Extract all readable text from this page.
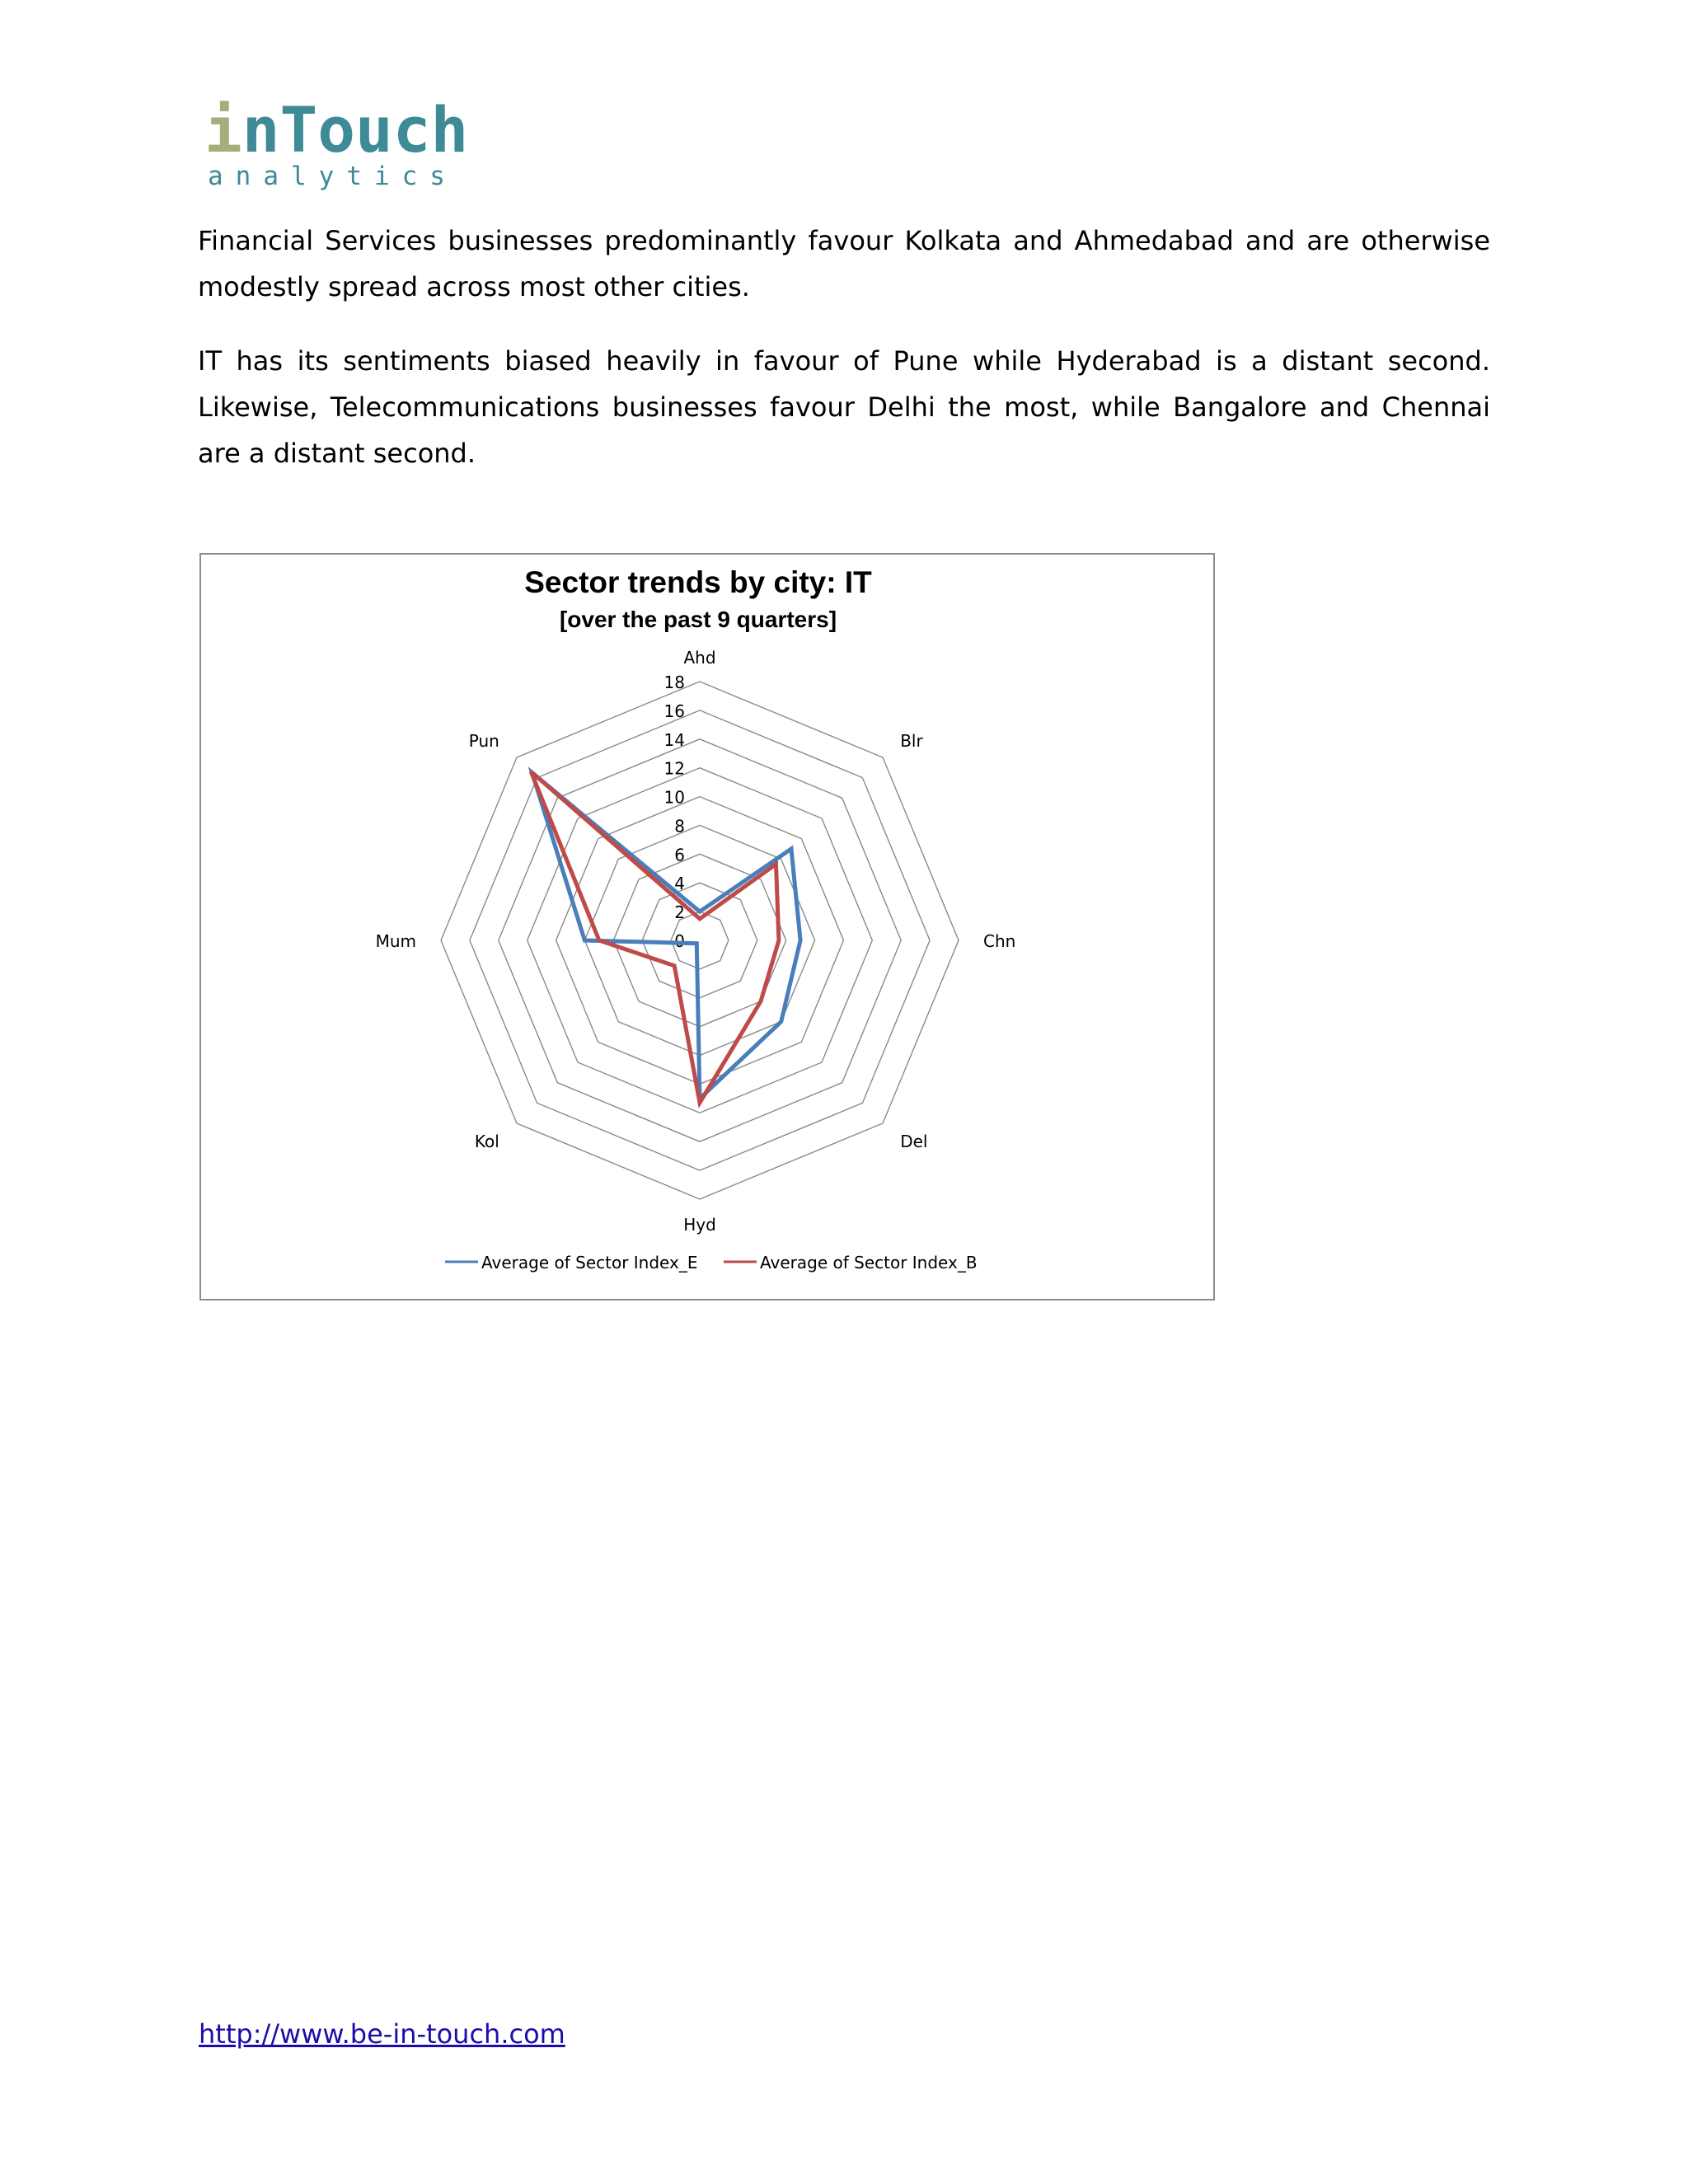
inTouch
analytics

Financial Services businesses predominantly favour Kolkata and Ahmedabad and are otherwise modestly spread across most other cities.

IT has its sentiments biased heavily in favour of Pune while Hyderabad is a distant second. Likewise, Telecommunications businesses favour Delhi the most, while Bangalore and Chennai are a distant second.

Sector trends by city: IT
[over the past 9 quarters]
0
2
4
6
8
10
12
14
16
18
Ahd
Blr
Chn
Del
Hyd
Kol
Mum
Pun
Average of Sector Index_E	Average of Sector Index_B
http://www.be-in-touch.com
